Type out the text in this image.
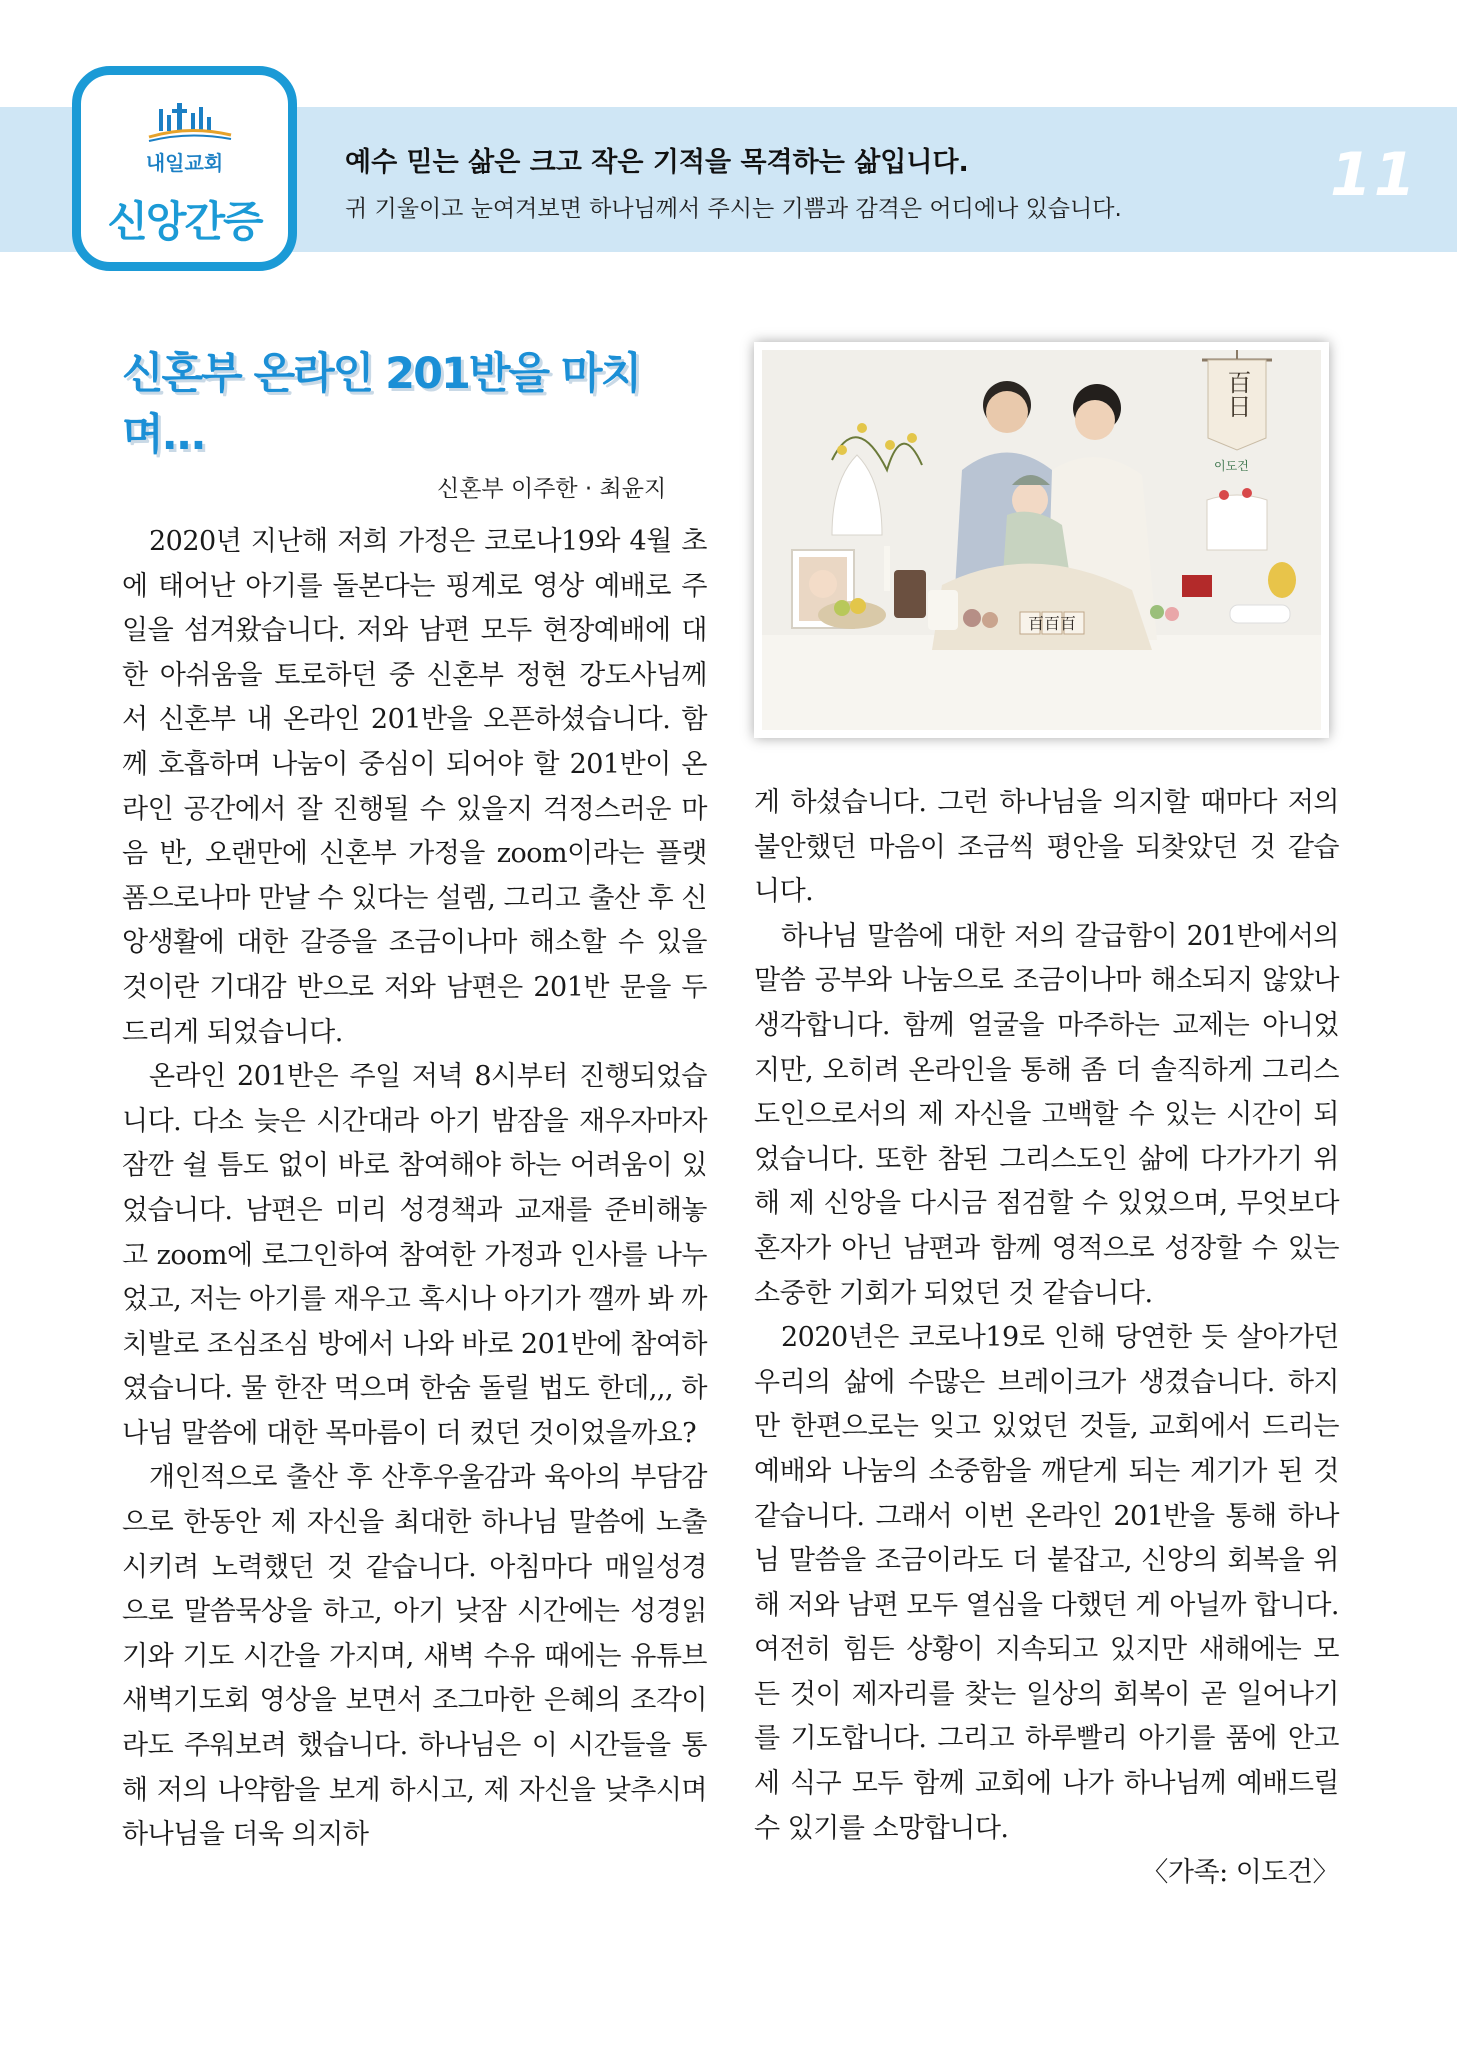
내일교회
신앙간증
예수 믿는 삶은 크고 작은 기적을 목격하는 삶입니다.
귀 기울이고 눈여겨보면 하나님께서 주시는 기쁨과 감격은 어디에나 있습니다.	11
신혼부 온라인 201반을 마치며...
신혼부 이주한 · 최윤지

2020년 지난해 저희 가정은 코로나19와 4월 초에 태어난 아기를 돌본다는 핑계로 영상 예배로 주일을 섬겨왔습니다. 저와 남편 모두 현장예배에 대한 아쉬움을 토로하던 중 신혼부 정현 강도사님께서 신혼부 내 온라인 201반을 오픈하셨습니다. 함께 호흡하며 나눔이 중심이 되어야 할 201반이 온라인 공간에서 잘 진행될 수 있을지 걱정스러운 마음 반, 오랜만에 신혼부 가정을 zoom이라는 플랫폼으로나마 만날 수 있다는 설렘, 그리고 출산 후 신앙생활에 대한 갈증을 조금이나마 해소할 수 있을 것이란 기대감 반으로 저와 남편은 201반 문을 두드리게 되었습니다.

온라인 201반은 주일 저녁 8시부터 진행되었습니다. 다소 늦은 시간대라 아기 밤잠을 재우자마자 잠깐 쉴 틈도 없이 바로 참여해야 하는 어려움이 있었습니다. 남편은 미리 성경책과 교재를 준비해놓고 zoom에 로그인하여 참여한 가정과 인사를 나누었고, 저는 아기를 재우고 혹시나 아기가 깰까 봐 까치발로 조심조심 방에서 나와 바로 201반에 참여하였습니다. 물 한잔 먹으며 한숨 돌릴 법도 한데,,, 하나님 말씀에 대한 목마름이 더 컸던 것이었을까요?

개인적으로 출산 후 산후우울감과 육아의 부담감으로 한동안 제 자신을 최대한 하나님 말씀에 노출시키려 노력했던 것 같습니다. 아침마다 매일성경으로 말씀묵상을 하고, 아기 낮잠 시간에는 성경읽기와 기도 시간을 가지며, 새벽 수유 때에는 유튜브 새벽기도회 영상을 보면서 조그마한 은혜의 조각이라도 주워보려 했습니다. 하나님은 이 시간들을 통해 저의 나약함을 보게 하시고, 제 자신을 낮추시며 하나님을 더욱 의지하

百日
百百百
이도건

게 하셨습니다. 그런 하나님을 의지할 때마다 저의 불안했던 마음이 조금씩 평안을 되찾았던 것 같습니다.

하나님 말씀에 대한 저의 갈급함이 201반에서의 말씀 공부와 나눔으로 조금이나마 해소되지 않았나 생각합니다. 함께 얼굴을 마주하는 교제는 아니었지만, 오히려 온라인을 통해 좀 더 솔직하게 그리스도인으로서의 제 자신을 고백할 수 있는 시간이 되었습니다. 또한 참된 그리스도인 삶에 다가가기 위해 제 신앙을 다시금 점검할 수 있었으며, 무엇보다 혼자가 아닌 남편과 함께 영적으로 성장할 수 있는 소중한 기회가 되었던 것 같습니다.

2020년은 코로나19로 인해 당연한 듯 살아가던 우리의 삶에 수많은 브레이크가 생겼습니다. 하지만 한편으로는 잊고 있었던 것들, 교회에서 드리는 예배와 나눔의 소중함을 깨닫게 되는 계기가 된 것 같습니다. 그래서 이번 온라인 201반을 통해 하나님 말씀을 조금이라도 더 붙잡고, 신앙의 회복을 위해 저와 남편 모두 열심을 다했던 게 아닐까 합니다. 여전히 힘든 상황이 지속되고 있지만 새해에는 모든 것이 제자리를 찾는 일상의 회복이 곧 일어나기를 기도합니다. 그리고 하루빨리 아기를 품에 안고 세 식구 모두 함께 교회에 나가 하나님께 예배드릴 수 있기를 소망합니다.

〈가족: 이도건〉
